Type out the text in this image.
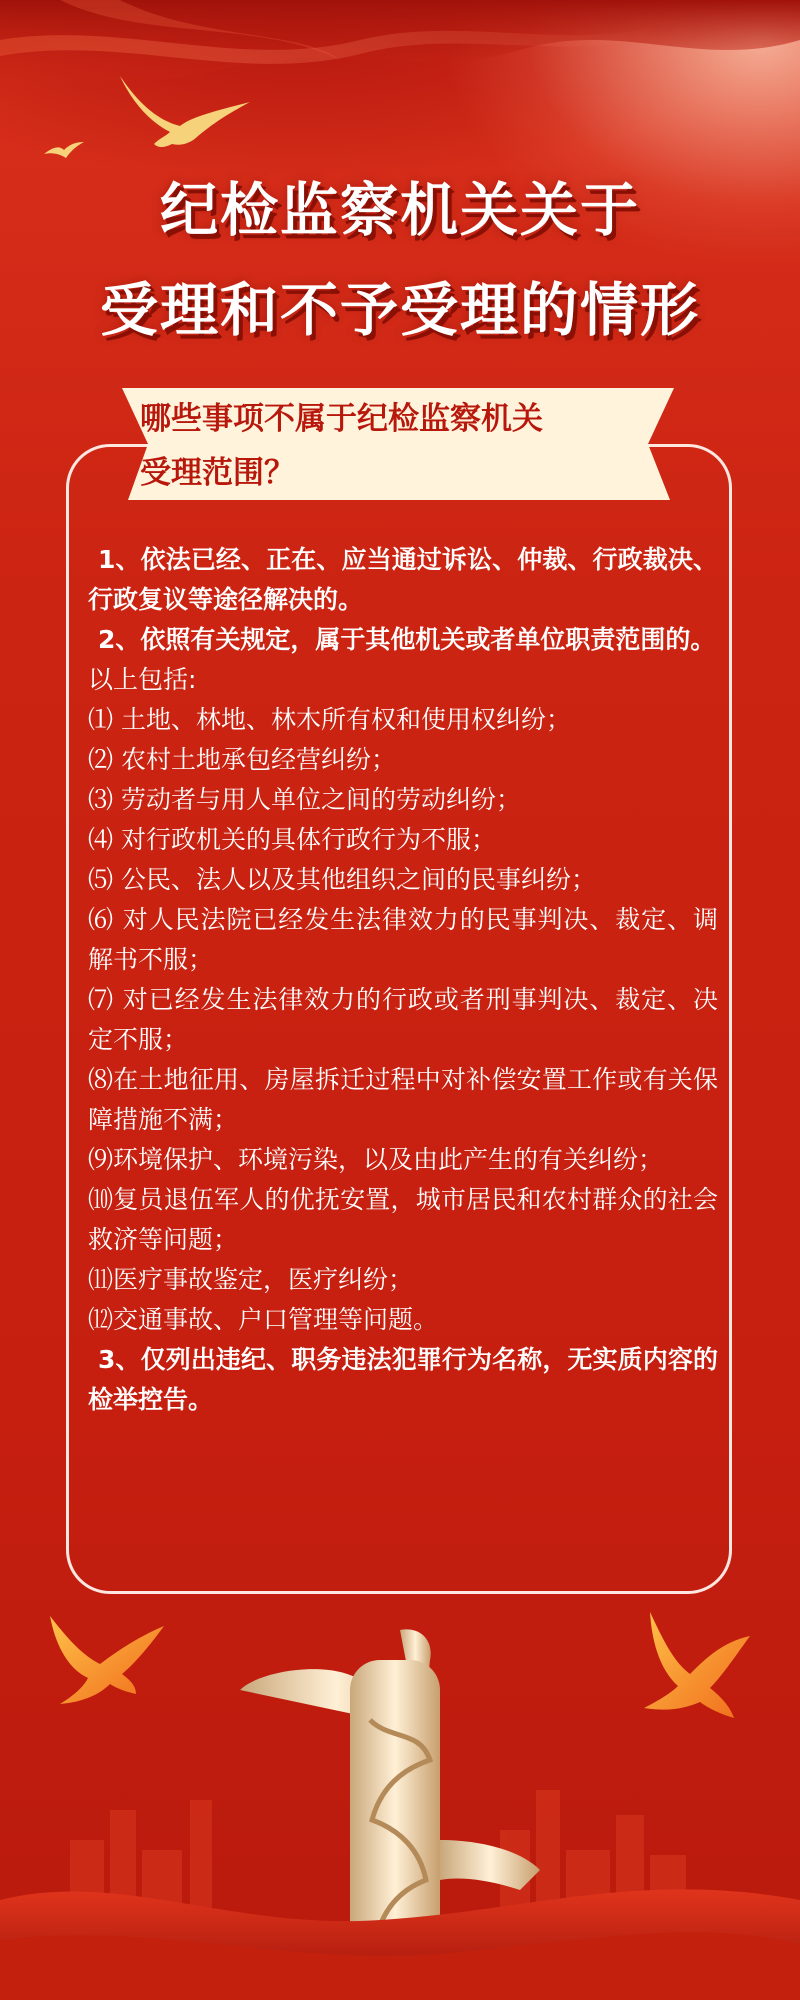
纪检监察机关关于
受理和不予受理的情形

哪些事项不属于纪检监察机关
受理范围？

1、依法已经、正在、应当通过诉讼、仲裁、行政裁决、行政复议等途径解决的。

2、依照有关规定，属于其他机关或者单位职责范围的。

以上包括:

⑴ 土地、林地、林木所有权和使用权纠纷；

⑵ 农村土地承包经营纠纷；

⑶ 劳动者与用人单位之间的劳动纠纷；

⑷ 对行政机关的具体行政行为不服；

⑸ 公民、法人以及其他组织之间的民事纠纷；

⑹ 对人民法院已经发生法律效力的民事判决、裁定、调解书不服；

⑺ 对已经发生法律效力的行政或者刑事判决、裁定、决定不服；

⑻在土地征用、房屋拆迁过程中对补偿安置工作或有关保障措施不满；

⑼环境保护、环境污染，以及由此产生的有关纠纷；

⑽复员退伍军人的优抚安置，城市居民和农村群众的社会救济等问题；

⑾医疗事故鉴定，医疗纠纷；

⑿交通事故、户口管理等问题。

3、仅列出违纪、职务违法犯罪行为名称，无实质内容的检举控告。
